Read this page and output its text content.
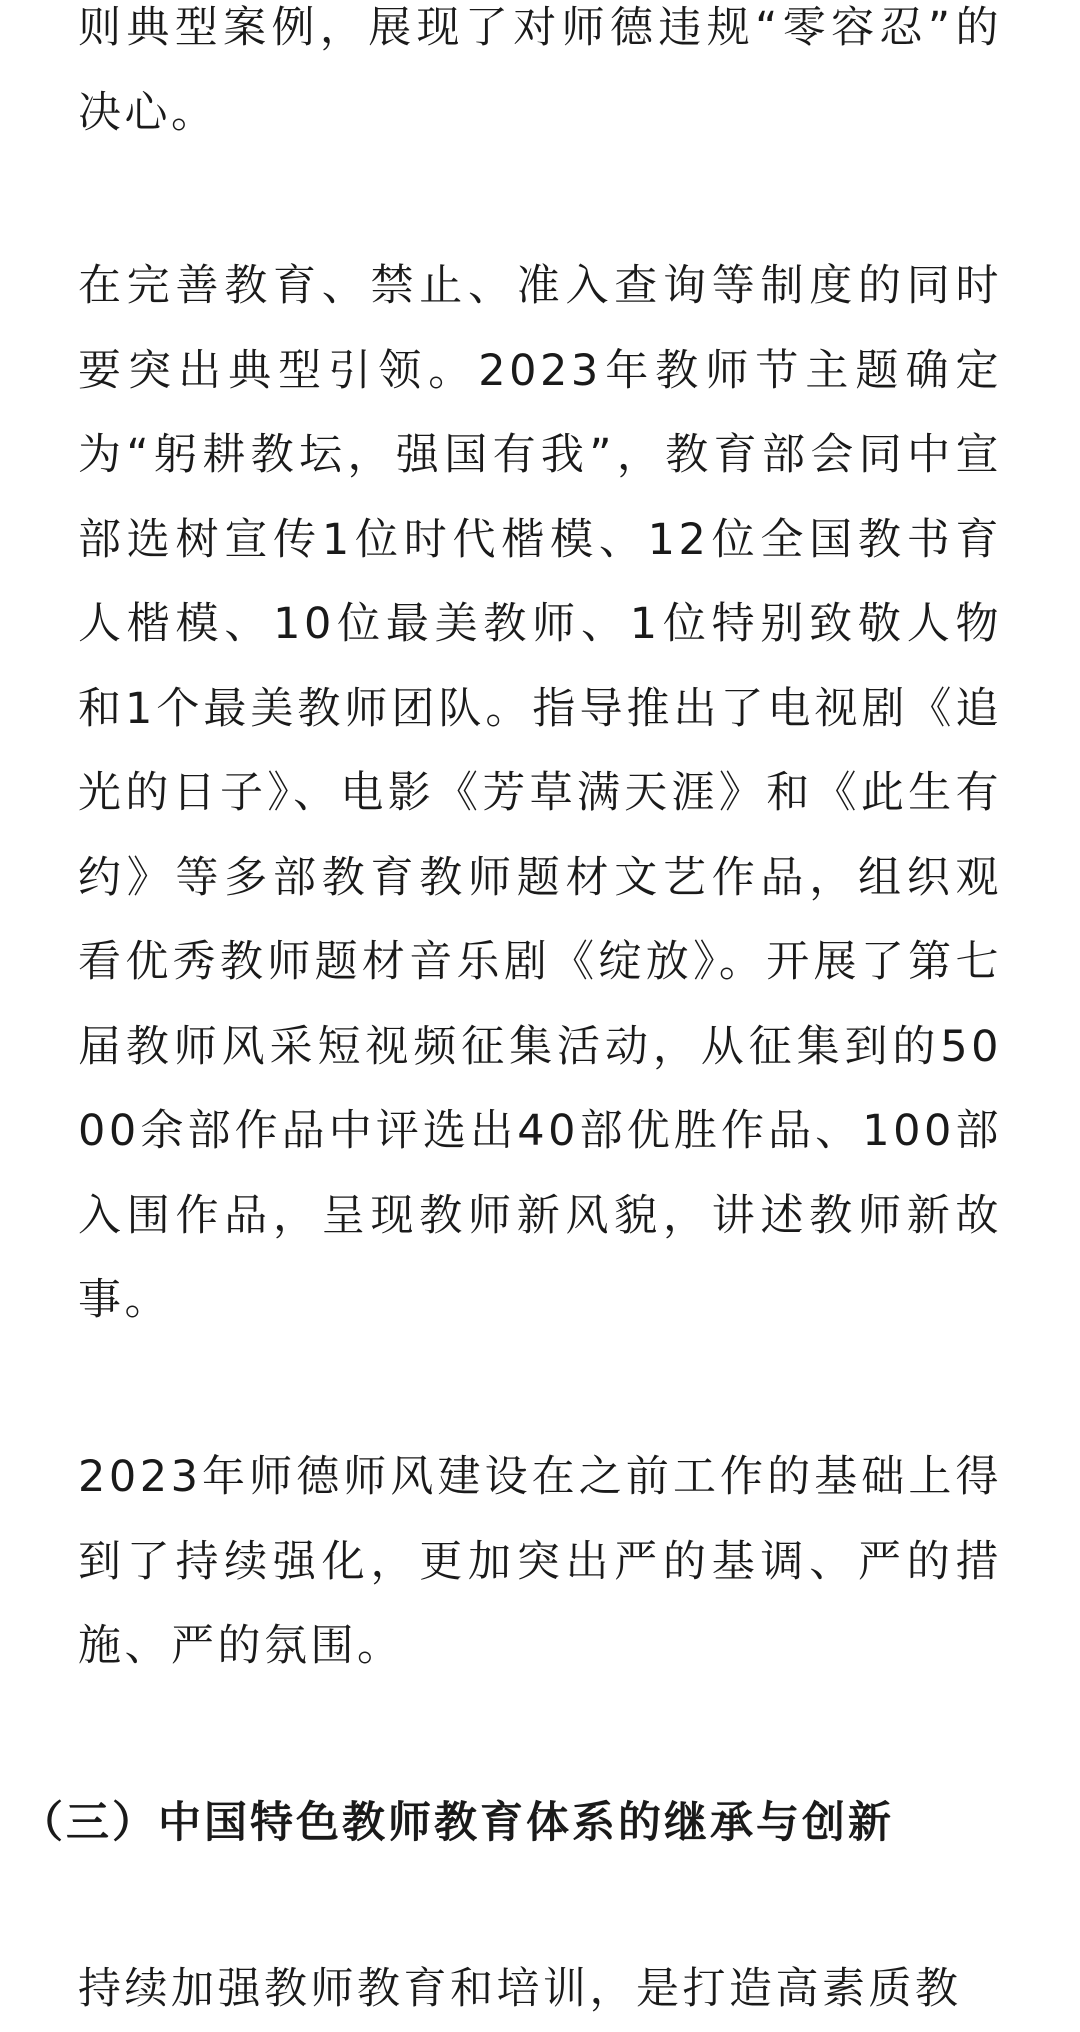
则典型案例，展现了对师德违规“零容忍”的决心。

在完善教育、禁止、准入查询等制度的同时要突出典型引领。2023年教师节主题确定为“躬耕教坛，强国有我”，教育部会同中宣部选树宣传1位时代楷模、12位全国教书育人楷模、10位最美教师、1位特别致敬人物和1个最美教师团队。指导推出了电视剧《追光的日子》、电影《芳草满天涯》和《此生有约》等多部教育教师题材文艺作品，组织观看优秀教师题材音乐剧《绽放》。开展了第七届教师风采短视频征集活动，从征集到的5000余部作品中评选出40部优胜作品、100部入围作品，呈现教师新风貌，讲述教师新故事。

2023年师德师风建设在之前工作的基础上得到了持续强化，更加突出严的基调、严的措施、严的氛围。

持续加强教师教育和培训，是打造高素质教

（三）中国特色教师教育体系的继承与创新
